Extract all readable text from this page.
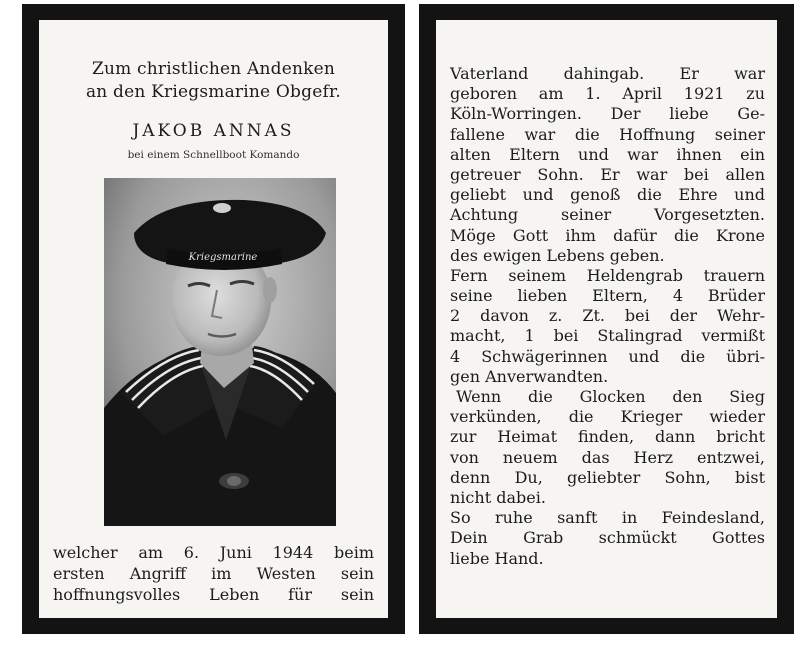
Zum christlichen Andenken
an den Kriegsmarine Obgefr.
JAKOB ANNAS
bei einem Schnellboot Komando
Kriegsmarine
welcher am 6. Juni 1944 beim
ersten Angriff im Westen sein
hoffnungsvolles Leben für sein
Vaterland dahingab. Er war
geboren am 1. April 1921 zu
Köln-Worringen. Der liebe Ge-
fallene war die Hoffnung seiner
alten Eltern und war ihnen ein
getreuer Sohn. Er war bei allen
geliebt und genoß die Ehre und
Achtung seiner Vorgesetzten.
Möge Gott ihm dafür die Krone
des ewigen Lebens geben.
Fern seinem Heldengrab trauern
seine lieben Eltern, 4 Brüder
2 davon z. Zt. bei der Wehr-
macht, 1 bei Stalingrad vermißt
4 Schwägerinnen und die übri-
gen Anverwandten.
Wenn die Glocken den Sieg
verkünden, die Krieger wieder
zur Heimat finden, dann bricht
von neuem das Herz entzwei,
denn Du, geliebter Sohn, bist
nicht dabei.
So ruhe sanft in Feindesland,
Dein Grab schmückt Gottes
liebe Hand.
